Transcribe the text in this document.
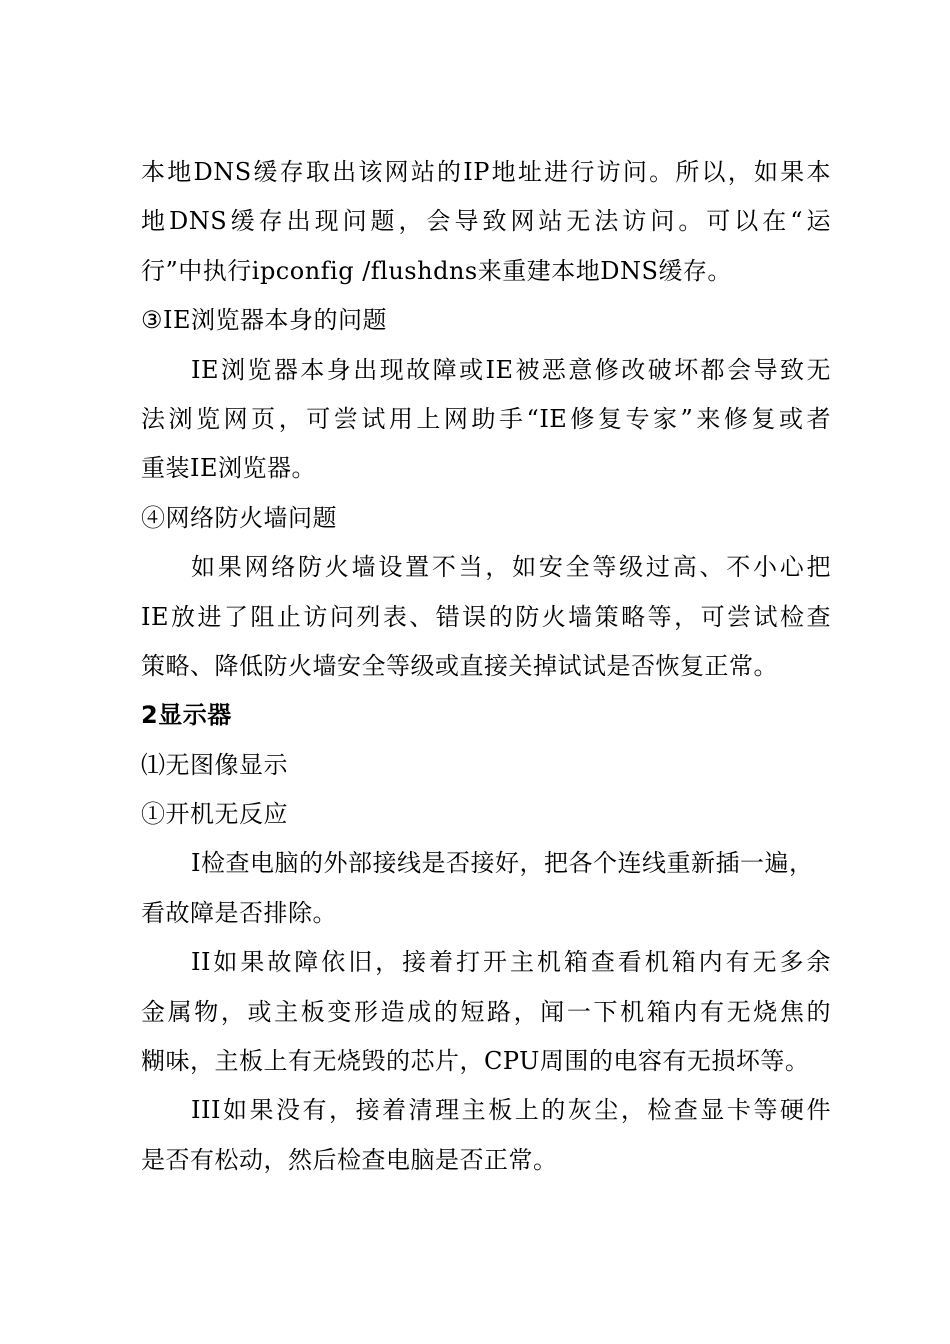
本地DNS缓存取出该网站的IP地址进行访问。所以，如果本
地DNS缓存出现问题，会导致网站无法访问。可以在“运
行”中执行ipconfig /flushdns来重建本地DNS缓存。
③IE浏览器本身的问题
IE浏览器本身出现故障或IE被恶意修改破坏都会导致无
法浏览网页，可尝试用上网助手“IE修复专家”来修复或者
重装IE浏览器。
④网络防火墙问题
如果网络防火墙设置不当，如安全等级过高、不小心把
IE放进了阻止访问列表、错误的防火墙策略等，可尝试检查
策略、降低防火墙安全等级或直接关掉试试是否恢复正常。
2显示器
⑴无图像显示
①开机无反应
I检查电脑的外部接线是否接好，把各个连线重新插一遍，
看故障是否排除。
II如果故障依旧，接着打开主机箱查看机箱内有无多余
金属物，或主板变形造成的短路，闻一下机箱内有无烧焦的
糊味，主板上有无烧毁的芯片，CPU周围的电容有无损坏等。
III如果没有，接着清理主板上的灰尘，检查显卡等硬件
是否有松动，然后检查电脑是否正常。
